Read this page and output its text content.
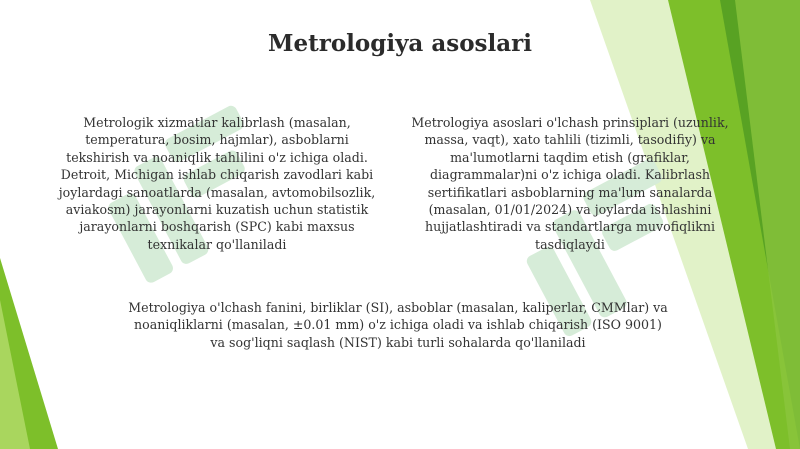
Metrologiya asoslari
Metrologik xizmatlar kalibrlash (masalan, temperatura, bosim, hajmlar), asboblarni tekshirish va noaniqlik tahlilini o'z ichiga oladi. Detroit, Michigan ishlab chiqarish zavodlari kabi joylardagi sanoatlarda (masalan, avtomobilsozlik, aviakosm) jarayonlarni kuzatish uchun statistik jarayonlarni boshqarish (SPC) kabi maxsus texnikalar qo'llaniladi
Metrologiya asoslari o'lchash prinsiplari (uzunlik, massa, vaqt), xato tahlili (tizimli, tasodifiy) va ma'lumotlarni taqdim etish (grafiklar, diagrammalar)ni o'z ichiga oladi. Kalibrlash sertifikatlari asboblarning ma'lum sanalarda (masalan, 01/01/2024) va joylarda ishlashini hujjatlashtiradi va standartlarga muvofiqlikni tasdiqlaydi
Metrologiya o'lchash fanini, birliklar (SI), asboblar (masalan, kaliperlar, CMMlar) va noaniqliklarni (masalan, ±0.01 mm) o'z ichiga oladi va ishlab chiqarish (ISO 9001) va sog'liqni saqlash (NIST) kabi turli sohalarda qo'llaniladi
